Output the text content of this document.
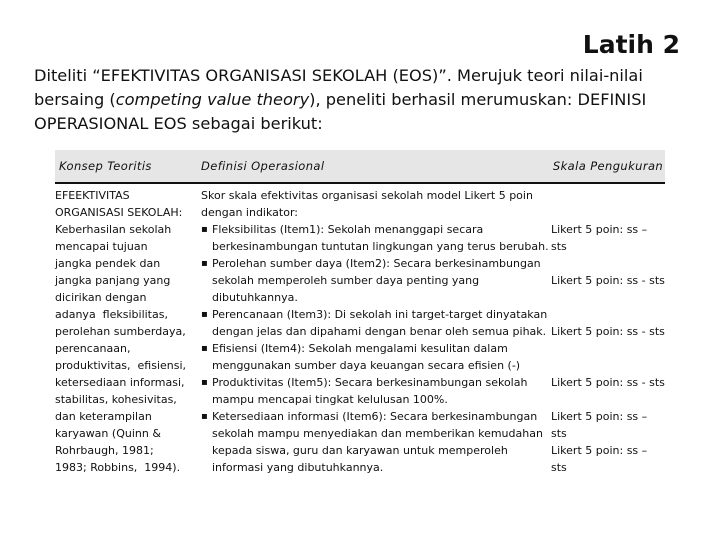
Latih 2
Diteliti “EFEKTIVITAS ORGANISASI SEKOLAH (EOS)”. Merujuk teori nilai-nilai bersaing (competing value theory), peneliti berhasil merumuskan: DEFINISI OPERASIONAL EOS sebagai berikut:
Konsep Teoritis	Definisi Operasional	Skala Pengukuran
EFEEKTIVITAS
ORGANISASI SEKOLAH:
Keberhasilan sekolah
mencapai tujuan
jangka pendek dan
jangka panjang yang
dicirikan dengan
adanya  fleksibilitas,
perolehan sumberdaya,
perencanaan,
produktivitas,  efisiensi,
ketersediaan informasi,
stabilitas, kohesivitas,
dan keterampilan
karyawan (Quinn &
Rohrbaugh, 1981;
1983; Robbins,  1994).
Skor skala efektivitas organisasi sekolah model Likert 5 poin dengan indikator:
▪ Fleksibilitas (Item1): Sekolah menanggapi secara berkesinambungan tuntutan lingkungan yang terus berubah.
▪ Perolehan sumber daya (Item2): Secara berkesinambungan sekolah memperoleh sumber daya penting yang dibutuhkannya.
▪ Perencanaan (Item3): Di sekolah ini target-target dinyatakan dengan jelas dan dipahami dengan benar oleh semua pihak.
▪ Efisiensi (Item4): Sekolah mengalami kesulitan dalam menggunakan sumber daya keuangan secara efisien (-)
▪ Produktivitas (Item5): Secara berkesinambungan sekolah mampu mencapai tingkat kelulusan 100%.
▪ Ketersediaan informasi (Item6): Secara berkesinambungan sekolah mampu menyediakan dan memberikan kemudahan kepada siswa, guru dan karyawan untuk memperoleh informasi yang dibutuhkannya.
Likert 5 poin: ss – sts
Likert 5 poin: ss - sts
Likert 5 poin: ss - sts
Likert 5 poin: ss - sts
Likert 5 poin: ss – sts
Likert 5 poin: ss – sts
